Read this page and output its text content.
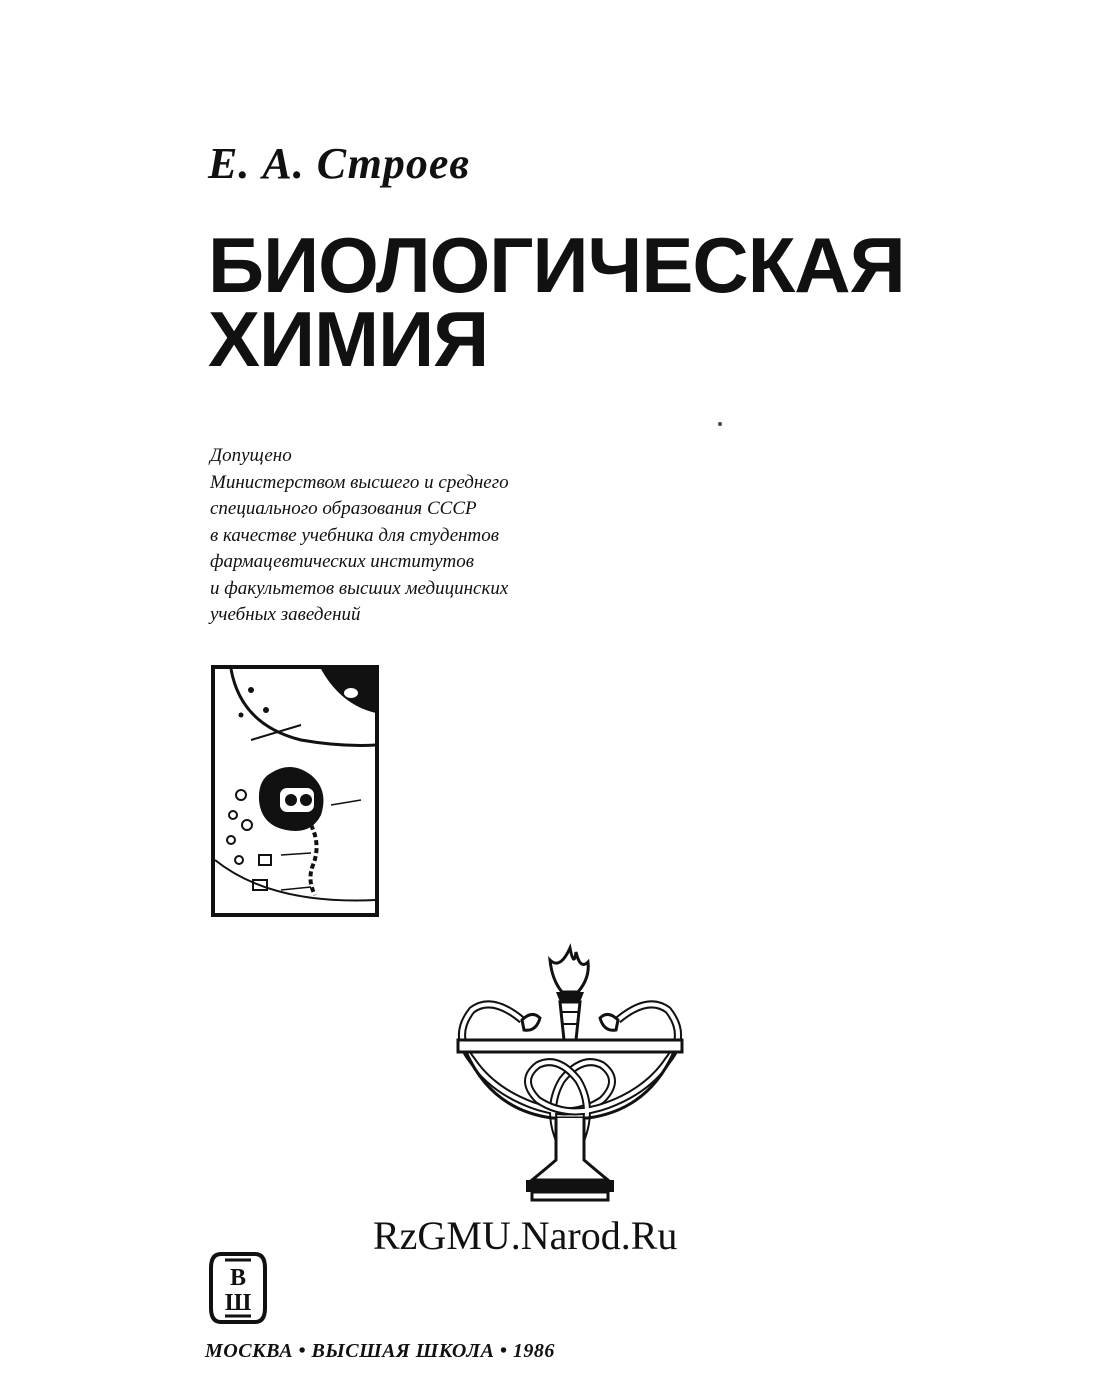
Е. А. Строев
БИОЛОГИЧЕСКАЯ
ХИМИЯ
Допущено
Министерством высшего и среднего
специального образования СССР
в качестве учебника для студентов
фармацевтических институтов
и факультетов высших медицинских
учебных заведений
RzGMU.Narod.Ru
В
Ш
МОСКВА • ВЫСШАЯ ШКОЛА • 1986
